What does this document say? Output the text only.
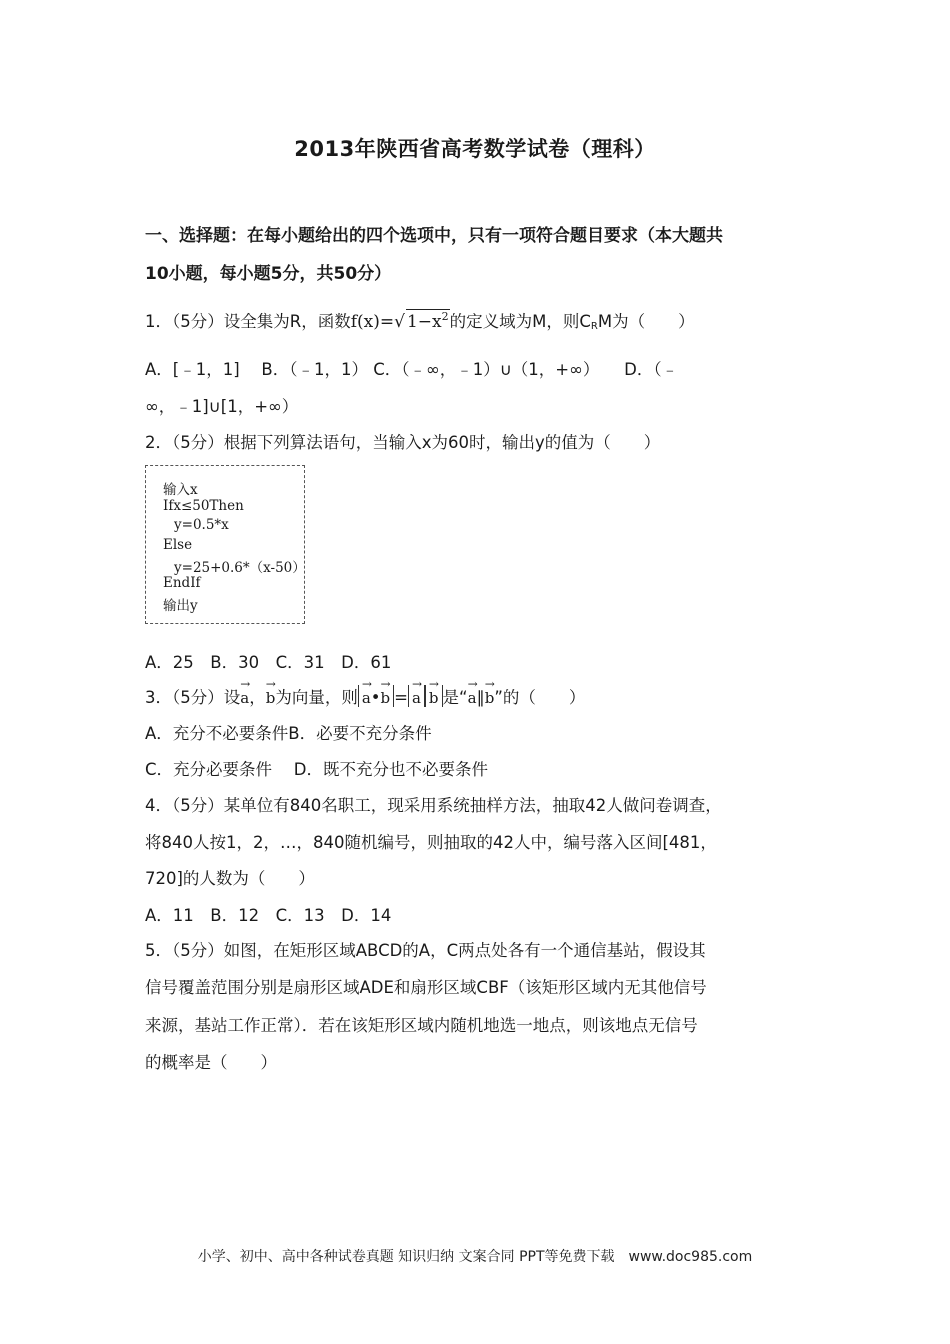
2013年陕西省高考数学试卷（理科）
一、选择题：在每小题给出的四个选项中，只有一项符合题目要求（本大题共
10小题，每小题5分，共50分）
1．（5分）设全集为R，函数f(x)=√ $1-x^2$的定义域为M，则$C_RM$为（　　）
A．[﹣1，1]　 B．（﹣1，1） C．（﹣∞，﹣1）∪（1，+∞）　　D．（﹣
∞，﹣1]∪[1，+∞）
2．（5分）根据下列算法语句，当输入x为60时，输出y的值为（　　）
输入x
Ifx≤50Then
y=0.5*x
Else
y=25+0.6*（x-50）
EndIf
输出y
A．25　B．30　C．31　D．61
3．（5分）设→ a，→ b为向量，则 → a•→ b = → a → b 是“→ a∥→ b”的（　　）
A．充分不必要条件B．必要不充分条件
C．充分必要条件　 D．既不充分也不必要条件
4．（5分）某单位有840名职工，现采用系统抽样方法，抽取42人做问卷调查，
将840人按1，2，…，840随机编号，则抽取的42人中，编号落入区间[481，
720]的人数为（　　）
A．11　B．12　C．13　D．14
5．（5分）如图，在矩形区域ABCD的A，C两点处各有一个通信基站，假设其
信号覆盖范围分别是扇形区域ADE和扇形区域CBF（该矩形区域内无其他信号
来源，基站工作正常）．若在该矩形区域内随机地选一地点，则该地点无信号
的概率是（　　）
小学、初中、高中各种试卷真题 知识归纳 文案合同 PPT等免费下载　www.doc985.com
